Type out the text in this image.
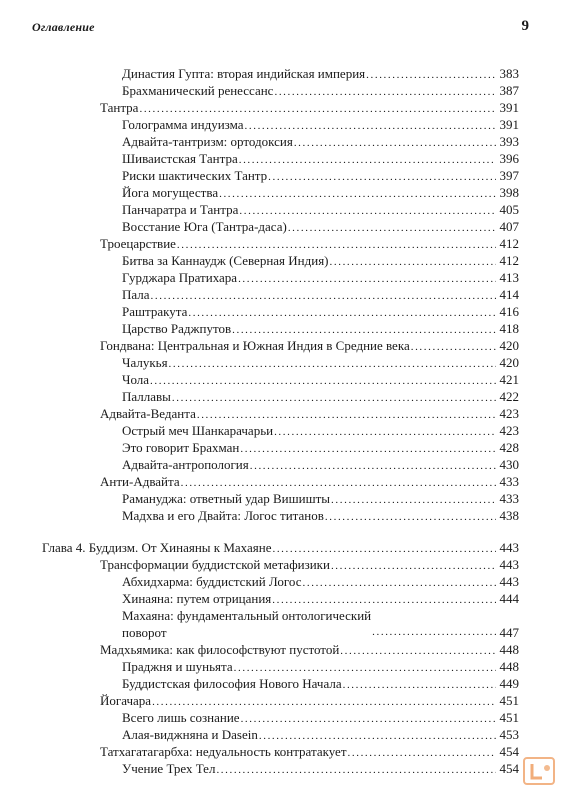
Оглавление	9
Династия Гупта: вторая индийская империя .....	383
Брахманический ренессанс .....	387
Тантра .....	391
Голограмма индуизма .....	391
Адвайта-тантризм: ортодоксия .....	393
Шиваистская Тантра .....	396
Риски шактических Тантр .....	397
Йога могущества .....	398
Панчаратра и Тантра .....	405
Восстание Юга (Тантра-даса) .....	407
Троецарствие .....	412
Битва за Каннаудж (Северная Индия) .....	412
Гурджара Пратихара .....	413
Пала .....	414
Раштракута .....	416
Царство Раджпутов .....	418
Гондвана: Центральная и Южная Индия в Средние века .....	420
Чалукья .....	420
Чола .....	421
Паллавы .....	422
Адвайта-Веданта .....	423
Острый меч Шанкарачарьи .....	423
Это говорит Брахман .....	428
Адвайта-антропология .....	430
Анти-Адвайта .....	433
Рамануджа: ответный удар Вишишты .....	433
Мадхва и его Двайта: Логос титанов .....	438
Глава 4. Буддизм. От Хинаяны к Махаяне .....	443
Трансформации буддистской метафизики .....	443
Абхидхарма: буддистский Логос .....	443
Хинаяна: путем отрицания .....	444
Махаяна: фундаментальный онтологический
поворот .....	447
Мадхьямика: как философствуют пустотой .....	448
Праджня и шуньята .....	448
Буддистская философия Нового Начала .....	449
Йогачара .....	451
Всего лишь сознание .....	451
Алая-виджняна и Dasein .....	453
Татхагатагарбха: недуальность контратакует .....	454
Учение Трех Тел .....	454
